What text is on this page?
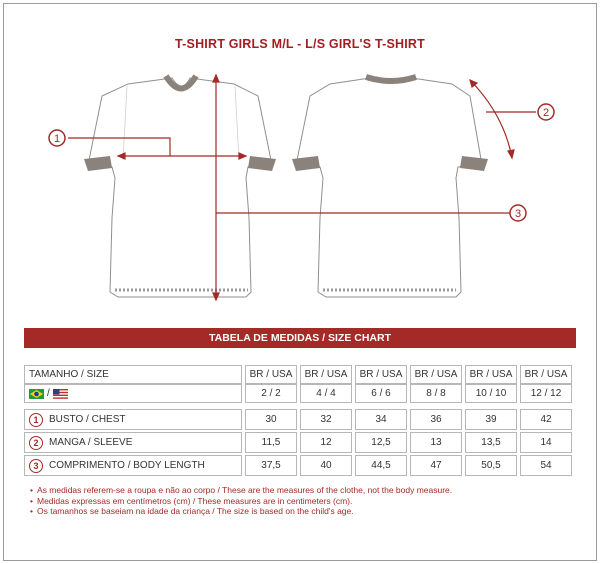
T-SHIRT GIRLS M/L - L/S GIRL'S T-SHIRT
1
2
3
TABELA DE MEDIDAS / SIZE CHART
TAMANHO / SIZE	BR / USA	BR / USA	BR / USA	BR / USA	BR / USA	BR / USA
/	2 / 2	4 / 4	6 / 6	8 / 8	10 / 10	12 / 12
1	BUSTO / CHEST	30	32	34	36	39	42
2	MANGA / SLEEVE	11,5	12	12,5	13	13,5	14
3	COMPRIMENTO / BODY LENGTH	37,5	40	44,5	47	50,5	54
• As medidas referem-se a roupa e não ao corpo / These are the measures of the clothe, not the body measure.
• Medidas expressas em centímetros (cm) / These measures are in centimeters (cm).
• Os tamanhos se baseiam na idade da criança / The size is based on the child's age.
